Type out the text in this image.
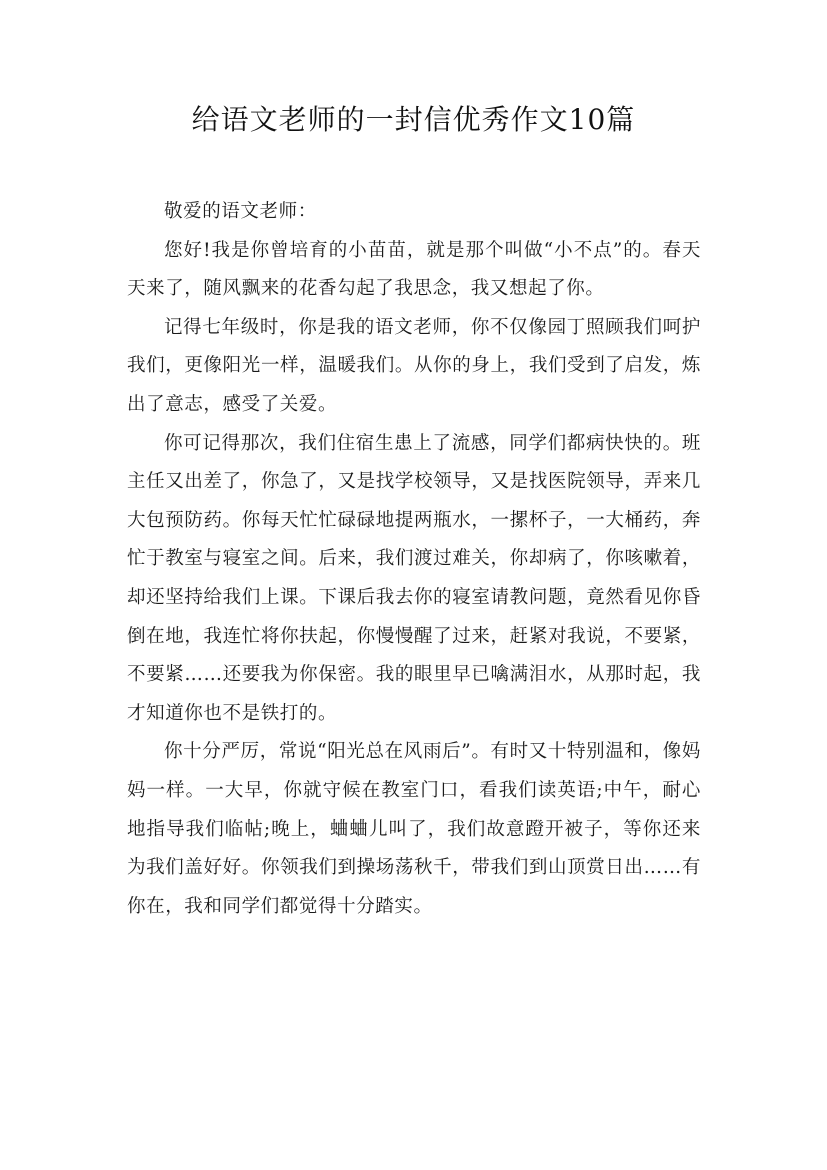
给语文老师的一封信优秀作文10篇

敬爱的语文老师：

您好!我是你曾培育的小苗苗，就是那个叫做“小不点”的。春天天来了，随风飘来的花香勾起了我思念，我又想起了你。

记得七年级时，你是我的语文老师，你不仅像园丁照顾我们呵护我们，更像阳光一样，温暖我们。从你的身上，我们受到了启发，炼出了意志，感受了关爱。

你可记得那次，我们住宿生患上了流感，同学们都病快快的。班主任又出差了，你急了，又是找学校领导，又是找医院领导，弄来几大包预防药。你每天忙忙碌碌地提两瓶水，一摞杯子，一大桶药，奔忙于教室与寝室之间。后来，我们渡过难关，你却病了，你咳嗽着，却还坚持给我们上课。下课后我去你的寝室请教问题，竟然看见你昏倒在地，我连忙将你扶起，你慢慢醒了过来，赶紧对我说，不要紧，不要紧……还要我为你保密。我的眼里早已噙满泪水，从那时起，我才知道你也不是铁打的。

你十分严厉，常说“阳光总在风雨后”。有时又十特别温和，像妈妈一样。一大早，你就守候在教室门口，看我们读英语;中午，耐心地指导我们临帖;晚上，蛐蛐儿叫了，我们故意蹬开被子，等你还来为我们盖好好。你领我们到操场荡秋千，带我们到山顶赏日出……有你在，我和同学们都觉得十分踏实。
